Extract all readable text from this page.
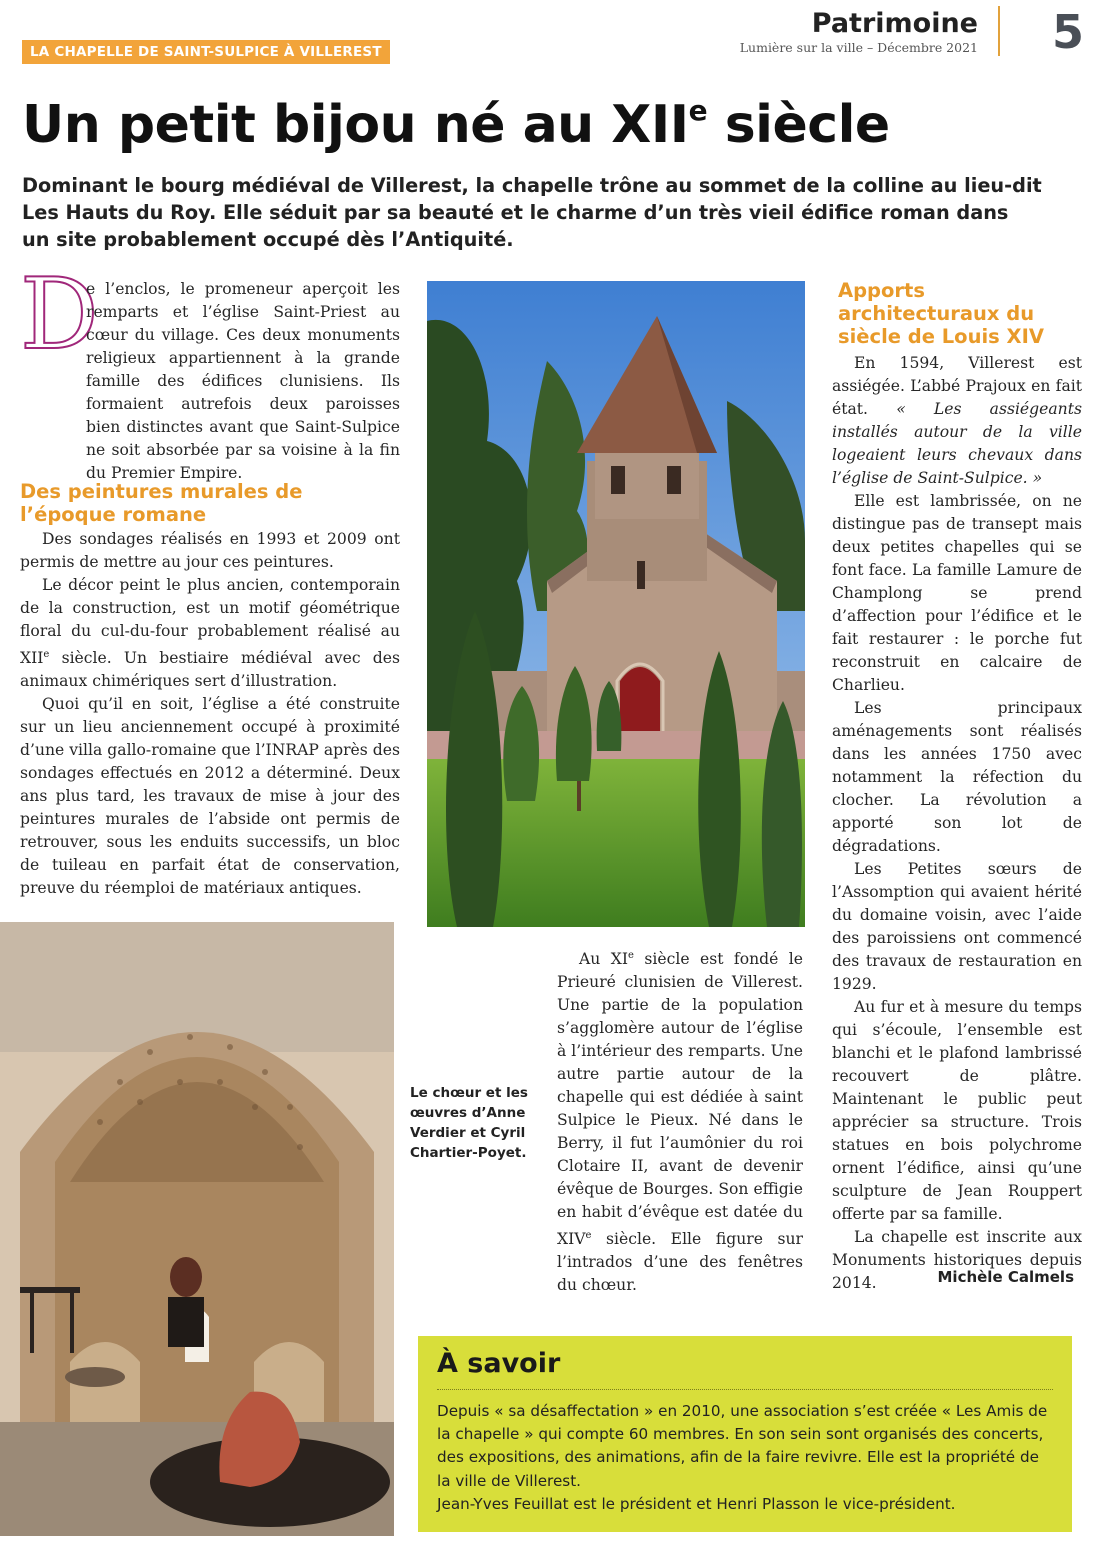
LA CHAPELLE DE SAINT-SULPICE À VILLEREST
Patrimoine
Lumière sur la ville – Décembre 2021 5
Un petit bijou né au XIIe siècle
Dominant le bourg médiéval de Villerest, la chapelle trône au sommet de la colline au lieu-dit Les Hauts du Roy. Elle séduit par sa beauté et le charme d’un très vieil édifice roman dans un site probablement occupé dès l’Antiquité.
D

e l’enclos, le promeneur aperçoit les remparts et l’église Saint-Priest au cœur du village. Ces deux monuments religieux appartiennent à la grande famille des édifices clunisiens. Ils formaient autrefois deux paroisses bien distinctes avant que Saint-Sulpice ne soit absorbée par sa voisine à la fin du Premier Empire.

Des peintures murales de l’époque romane

Des sondages réalisés en 1993 et 2009 ont permis de mettre au jour ces peintures.

Le décor peint le plus ancien, contemporain de la construction, est un motif géométrique floral du cul-du-four probablement réalisé au XIIe siècle. Un bestiaire médiéval avec des animaux chimériques sert d’illustration.

Quoi qu’il en soit, l’église a été construite sur un lieu anciennement occupé à proximité d’une villa gallo-romaine que l’INRAP après des sondages effectués en 2012 a déterminé. Deux ans plus tard, les travaux de mise à jour des peintures murales de l’abside ont permis de retrouver, sous les enduits successifs, un bloc de tuileau en parfait état de conservation, preuve du réemploi de matériaux antiques.

Au XIe siècle est fondé le Prieuré clunisien de Villerest. Une partie de la population s’agglomère autour de l’église à l’intérieur des remparts. Une autre partie autour de la chapelle qui est dédiée à saint Sulpice le Pieux. Né dans le Berry, il fut l’aumônier du roi Clotaire II, avant de devenir évêque de Bourges. Son effigie en habit d’évêque est datée du XIVe siècle. Elle figure sur l’intrados d’une des fenêtres du chœur.

Le chœur et les œuvres d’Anne Verdier et Cyril Chartier-Poyet.
Apports architecturaux du siècle de Louis XIV

En 1594, Villerest est assiégée. L’abbé Prajoux en fait état. « Les assiégeants installés autour de la ville logeaient leurs chevaux dans l’église de Saint-Sulpice. »

Elle est lambrissée, on ne distingue pas de transept mais deux petites chapelles qui se font face. La famille Lamure de Champlong se prend d’affection pour l’édifice et le fait restaurer : le porche fut reconstruit en calcaire de Charlieu.

Les principaux aménagements sont réalisés dans les années 1750 avec notamment la réfection du clocher. La révolution a apporté son lot de dégradations.

Les Petites sœurs de l’Assomption qui avaient hérité du domaine voisin, avec l’aide des paroissiens ont commencé des travaux de restauration en 1929.

Au fur et à mesure du temps qui s’écoule, l’ensemble est blanchi et le plafond lambrissé recouvert de plâtre. Maintenant le public peut apprécier sa structure. Trois statues en bois polychrome ornent l’édifice, ainsi qu’une sculpture de Jean Rouppert offerte par sa famille.

La chapelle est inscrite aux Monuments historiques depuis 2014.	Michèle Calmels
À savoir

Depuis « sa désaffectation » en 2010, une association s’est créée « Les Amis de la chapelle » qui compte 60 membres. En son sein sont organisés des concerts, des expositions, des animations, afin de la faire revivre. Elle est la propriété de la ville de Villerest.

Jean-Yves Feuillat est le président et Henri Plasson le vice-président.
